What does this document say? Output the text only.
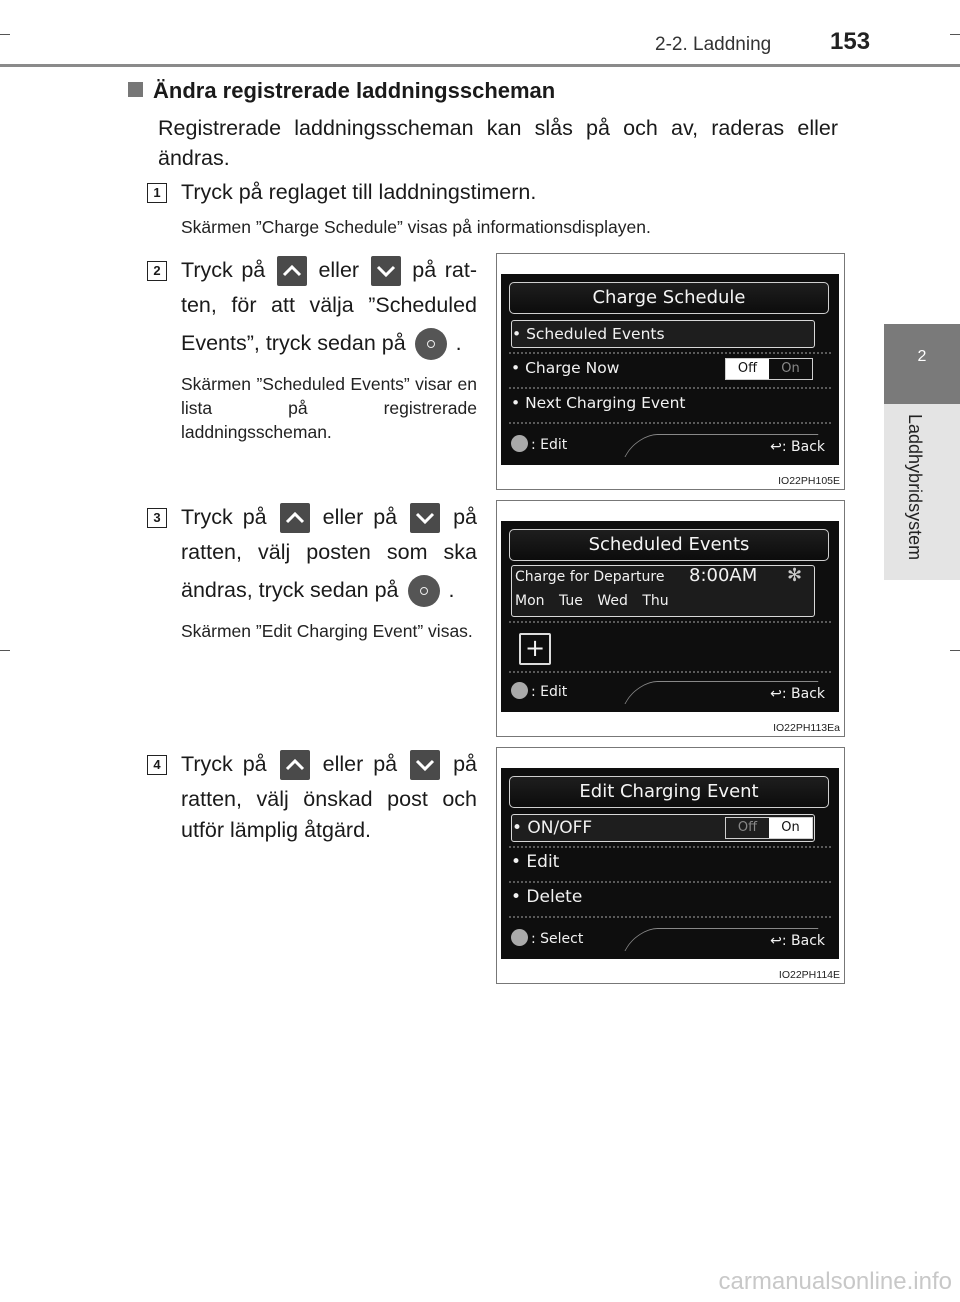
2-2. Laddning 153
2
Laddhybridsystem
Ändra registrerade laddningsscheman
Registrerade laddningsscheman kan slås på och av, raderas eller ändras.
1 Tryck på reglaget till laddningstimern.
Skärmen ”Charge Schedule” visas på informationsdisplayen.
2 Tryck på eller på rat-
ten, för att välja ”Scheduled
Events”, tryck sedan på .
Skärmen ”Scheduled Events” visar en lista på registrerade laddningsscheman.
3 Tryck på	eller på	på
ratten, välj posten som ska
ändras, tryck sedan på .
Skärmen ”Edit Charging Event” visas.
4 Tryck på	eller på	på
ratten, välj önskad post och
utför lämplig åtgärd.
Charge Schedule
• Scheduled Events
• Charge Now	Off	On
• Next Charging Event
: Edit	↩: Back
IO22PH105E
Scheduled Events
Charge for Departure 8:00AM ✻
Mon Tue Wed Thu
+
: Edit	↩: Back
IO22PH113Ea
Edit Charging Event
• ON/OFF	Off	On
• Edit
• Delete
: Select	↩: Back
IO22PH114E
carmanualsonline.info
